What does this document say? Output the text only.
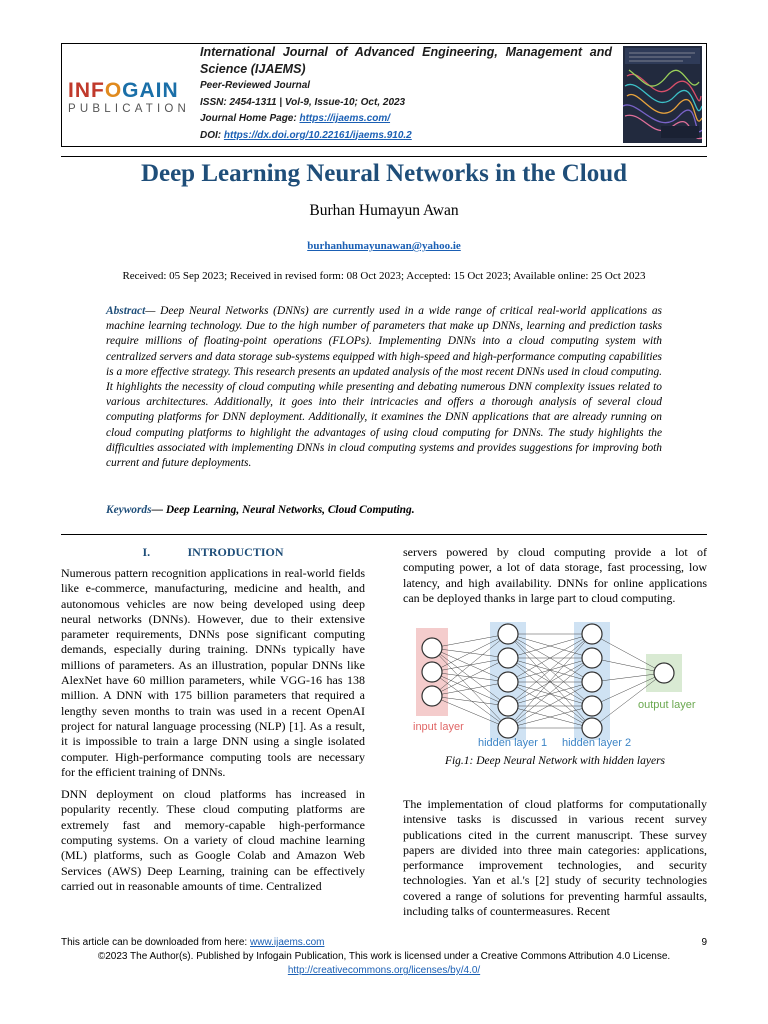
INFOGAIN
PUBLICATION
International Journal of Advanced Engineering, Management and Science (IJAEMS)
Peer-Reviewed Journal
ISSN: 2454-1311 | Vol-9, Issue-10; Oct, 2023
Journal Home Page: https://ijaems.com/
DOI: https://dx.doi.org/10.22161/ijaems.910.2
Deep Learning Neural Networks in the Cloud
Burhan Humayun Awan
burhanhumayunawan@yahoo.ie
Received: 05 Sep 2023; Received in revised form: 08 Oct 2023; Accepted: 15 Oct 2023; Available online: 25 Oct 2023
Abstract— Deep Neural Networks (DNNs) are currently used in a wide range of critical real-world applications as machine learning technology. Due to the high number of parameters that make up DNNs, learning and prediction tasks require millions of floating-point operations (FLOPs). Implementing DNNs into a cloud computing system with centralized servers and data storage sub-systems equipped with high-speed and high-performance computing capabilities is a more effective strategy. This research presents an updated analysis of the most recent DNNs used in cloud computing. It highlights the necessity of cloud computing while presenting and debating numerous DNN complexity issues related to various architectures. Additionally, it goes into their intricacies and offers a thorough analysis of several cloud computing platforms for DNN deployment. Additionally, it examines the DNN applications that are already running on cloud computing platforms to highlight the advantages of using cloud computing for DNNs. The study highlights the difficulties associated with implementing DNNs in cloud computing systems and provides suggestions for improving both current and future deployments.
Keywords— Deep Learning, Neural Networks, Cloud Computing.
I.	INTRODUCTION

Numerous pattern recognition applications in real-world fields like e-commerce, manufacturing, medicine and health, and autonomous vehicles are now being developed using deep neural networks (DNNs). However, due to their extensive parameter requirements, DNNs pose significant computing demands, especially during training. DNNs typically have millions of parameters. As an illustration, popular DNNs like AlexNet have 60 million parameters, while VGG-16 has 138 million. A DNN with 175 billion parameters that required a lengthy seven months to train was used in a recent OpenAI project for natural language processing (NLP) [1]. As a result, it is impossible to train a large DNN using a single isolated computer. High-performance computing tools are necessary for the efficient training of DNNs.

DNN deployment on cloud platforms has increased in popularity recently. These cloud computing platforms are extremely fast and memory-capable high-performance computing systems. On a variety of cloud machine learning (ML) platforms, such as Google Colab and Amazon Web Services (AWS) Deep Learning, training can be effectively carried out in reasonable amounts of time. Centralized

servers powered by cloud computing provide a lot of computing power, a lot of data storage, fast processing, low latency, and high availability. DNNs for online applications can be deployed thanks in large part to cloud computing.

input layer
hidden layer 1 hidden layer 2
output layer
Fig.1: Deep Neural Network with hidden layers

The implementation of cloud platforms for computationally intensive tasks is discussed in various recent survey publications cited in the current manuscript. These survey papers are divided into three main categories: applications, performance improvement technologies, and security technologies. Yan et al.'s [2] study of security technologies covered a range of solutions for preventing harmful assaults, including talks of countermeasures. Recent

This article can be downloaded from here: www.ijaems.com	9
©2023 The Author(s). Published by Infogain Publication, This work is licensed under a Creative Commons Attribution 4.0 License.
http://creativecommons.org/licenses/by/4.0/
